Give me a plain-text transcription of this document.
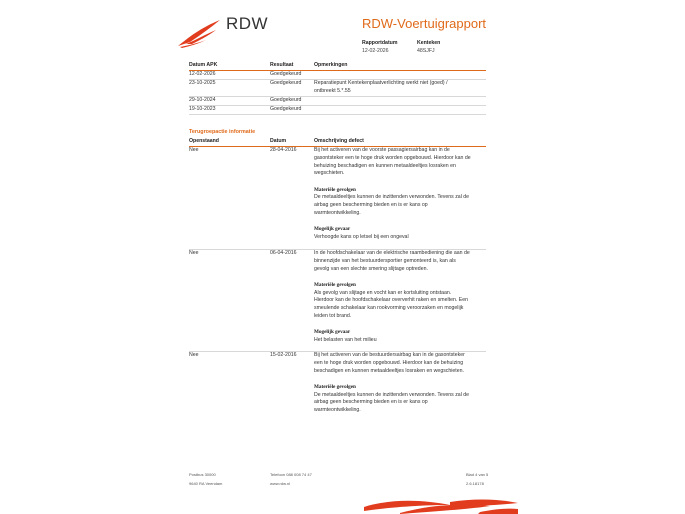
RDW	RDW-Voertuigrapport
Rapportdatum
12-02-2026
Kenteken
48SJFJ
Datum APK	Resultaat	Opmerkingen
12-02-2026	Goedgekeurd
23-10-2025	Goedgekeurd Reparatiepunt Kentekenplaatverlichting werkt niet (goed) /
ontbreekt 5.*.55
29-10-2024	Goedgekeurd
19-10-2023	Goedgekeurd
Terugroepactie informatie
Openstaand	Datum	Omschrijving defect
Nee	28-04-2016	Bij het activeren van de voorste passagiersairbag kan in de

gasontsteker een te hoge druk worden opgebouwd. Hierdoor kan de

behuizing beschadigen en kunnen metaaldeeltjes losraken en

wegschieten.

Materiële gevolgen

De metaaldeeltjes kunnen de inzittenden verwonden. Tevens zal de

airbag geen bescherming bieden en is er kans op

warmteontwikkeling.

Mogelijk gevaar

Verhoogde kans op letsel bij een ongeval

Nee	06-04-2016	In de hoofdschakelaar van de elektrische raambediening die aan de

binnenzijde van het bestuurdersportier gemonteerd is, kan als

gevolg van een slechte smering slijtage optreden.

Materiële gevolgen

Als gevolg van slijtage en vocht kan er kortsluiting ontstaan.

Hierdoor kan de hoofdschakelaar oververhit raken en smelten. Een

smeulende schakelaar kan rookvorming veroorzaken en mogelijk

leiden tot brand.

Mogelijk gevaar

Het belasten van het milieu

Nee	15-02-2016	Bij het activeren van de bestuurdersairbag kan in de gasontsteker

een te hoge druk worden opgebouwd. Hierdoor kan de behuizing

beschadigen en kunnen metaaldeeltjes losraken en wegschieten.

Materiële gevolgen

De metaaldeeltjes kunnen de inzittenden verwonden. Tevens zal de

airbag geen bescherming bieden en is er kans op

warmteontwikkeling.

Postbus 30000
9640 RA Veendam
Telefoon 088 008 74 47
www.rdw.nl
Blad 4 van 5
2.6.18178
